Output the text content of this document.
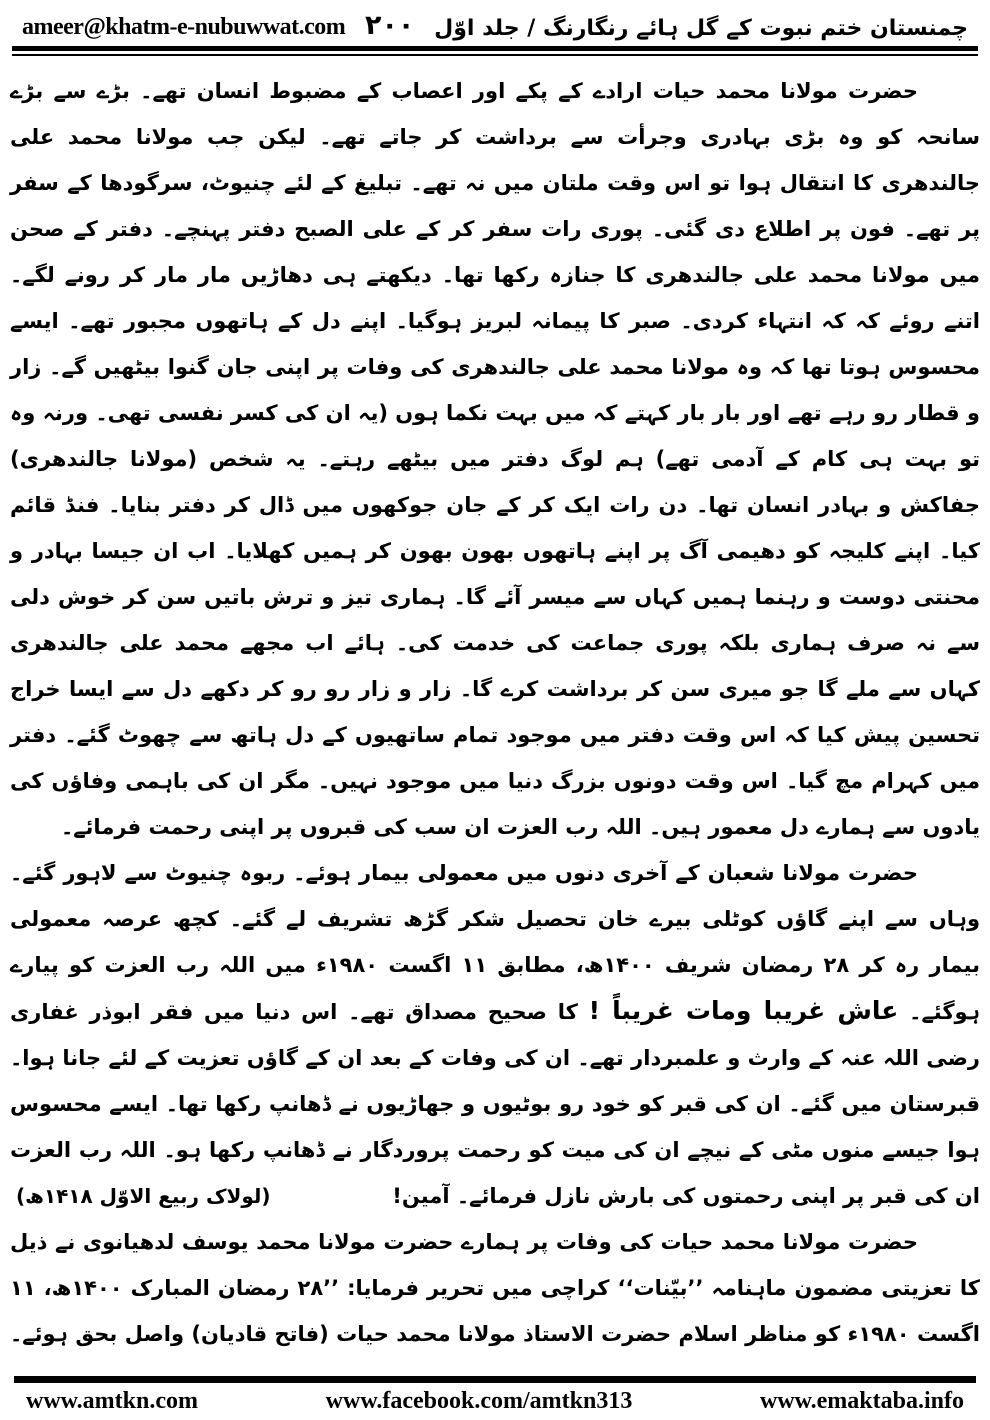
ameer@khatm-e-nubuwwat.com ۲۰۰ چمنستان ختم نبوت کے گل ہائے رنگارنگ / جلد اوّل

حضرت مولانا محمد حیات ارادے کے پکے اور اعصاب کے مضبوط انسان تھے۔ بڑے سے بڑے سانحہ کو وہ بڑی بہادری وجرأت سے برداشت کر جاتے تھے۔ لیکن جب مولانا محمد علی جالندھری کا انتقال ہوا تو اس وقت ملتان میں نہ تھے۔ تبلیغ کے لئے چنیوٹ، سرگودھا کے سفر پر تھے۔ فون پر اطلاع دی گئی۔ پوری رات سفر کر کے علی الصبح دفتر پہنچے۔ دفتر کے صحن میں مولانا محمد علی جالندھری کا جنازہ رکھا تھا۔ دیکھتے ہی دھاڑیں مار مار کر رونے لگے۔ اتنے روئے کہ کہ انتہاء کردی۔ صبر کا پیمانہ لبریز ہوگیا۔ اپنے دل کے ہاتھوں مجبور تھے۔ ایسے محسوس ہوتا تھا کہ وہ مولانا محمد علی جالندھری کی وفات پر اپنی جان گنوا بیٹھیں گے۔ زار و قطار رو رہے تھے اور بار بار کہتے کہ میں بہت نکما ہوں (یہ ان کی کسر نفسی تھی۔ ورنہ وہ تو بہت ہی کام کے آدمی تھے) ہم لوگ دفتر میں بیٹھے رہتے۔ یہ شخص (مولانا جالندھری) جفاکش و بہادر انسان تھا۔ دن رات ایک کر کے جان جوکھوں میں ڈال کر دفتر بنایا۔ فنڈ قائم کیا۔ اپنے کلیجہ کو دھیمی آگ پر اپنے ہاتھوں بھون بھون کر ہمیں کھلایا۔ اب ان جیسا بہادر و محنتی دوست و رہنما ہمیں کہاں سے میسر آئے گا۔ ہماری تیز و ترش باتیں سن کر خوش دلی سے نہ صرف ہماری بلکہ پوری جماعت کی خدمت کی۔ ہائے اب مجھے محمد علی جالندھری کہاں سے ملے گا جو میری سن کر برداشت کرے گا۔ زار و زار رو رو کر دکھے دل سے ایسا خراج تحسین پیش کیا کہ اس وقت دفتر میں موجود تمام ساتھیوں کے دل ہاتھ سے چھوٹ گئے۔ دفتر میں کہرام مچ گیا۔ اس وقت دونوں بزرگ دنیا میں موجود نہیں۔ مگر ان کی باہمی وفاؤں کی یادوں سے ہمارے دل معمور ہیں۔ اللہ رب العزت ان سب کی قبروں پر اپنی رحمت فرمائے۔

حضرت مولانا شعبان کے آخری دنوں میں معمولی بیمار ہوئے۔ ربوہ چنیوٹ سے لاہور گئے۔ وہاں سے اپنے گاؤں کوٹلی بیرے خان تحصیل شکر گڑھ تشریف لے گئے۔ کچھ عرصہ معمولی بیمار رہ کر ۲۸ رمضان شریف ۱۴۰۰ھ، مطابق ۱۱ اگست ۱۹۸۰ء میں اللہ رب العزت کو پیارے ہوگئے۔ عاش غریبا ومات غریباً ! کا صحیح مصداق تھے۔ اس دنیا میں فقر ابوذر غفاری رضی اللہ عنہ کے وارث و علمبردار تھے۔ ان کی وفات کے بعد ان کے گاؤں تعزیت کے لئے جانا ہوا۔ قبرستان میں گئے۔ ان کی قبر کو خود رو بوٹیوں و جھاڑیوں نے ڈھانپ رکھا تھا۔ ایسے محسوس ہوا جیسے منوں مٹی کے نیچے ان کی میت کو رحمت پروردگار نے ڈھانپ رکھا ہو۔ اللہ رب العزت ان کی قبر پر اپنی رحمتوں کی بارش نازل فرمائے۔ آمین!
(لولاک ربیع الاوّل ۱۴۱۸ھ)

حضرت مولانا محمد حیات کی وفات پر ہمارے حضرت مولانا محمد یوسف لدھیانوی نے ذیل کا تعزیتی مضمون ماہنامہ ’’بیّنات‘‘ کراچی میں تحریر فرمایا: ’’۲۸ رمضان المبارک ۱۴۰۰ھ، ۱۱ اگست ۱۹۸۰ء کو مناظر اسلام حضرت الاستاذ مولانا محمد حیات (فاتح قادیان) واصل بحق ہوئے۔

www.amtkn.com	www.facebook.com/amtkn313	www.emaktaba.info
